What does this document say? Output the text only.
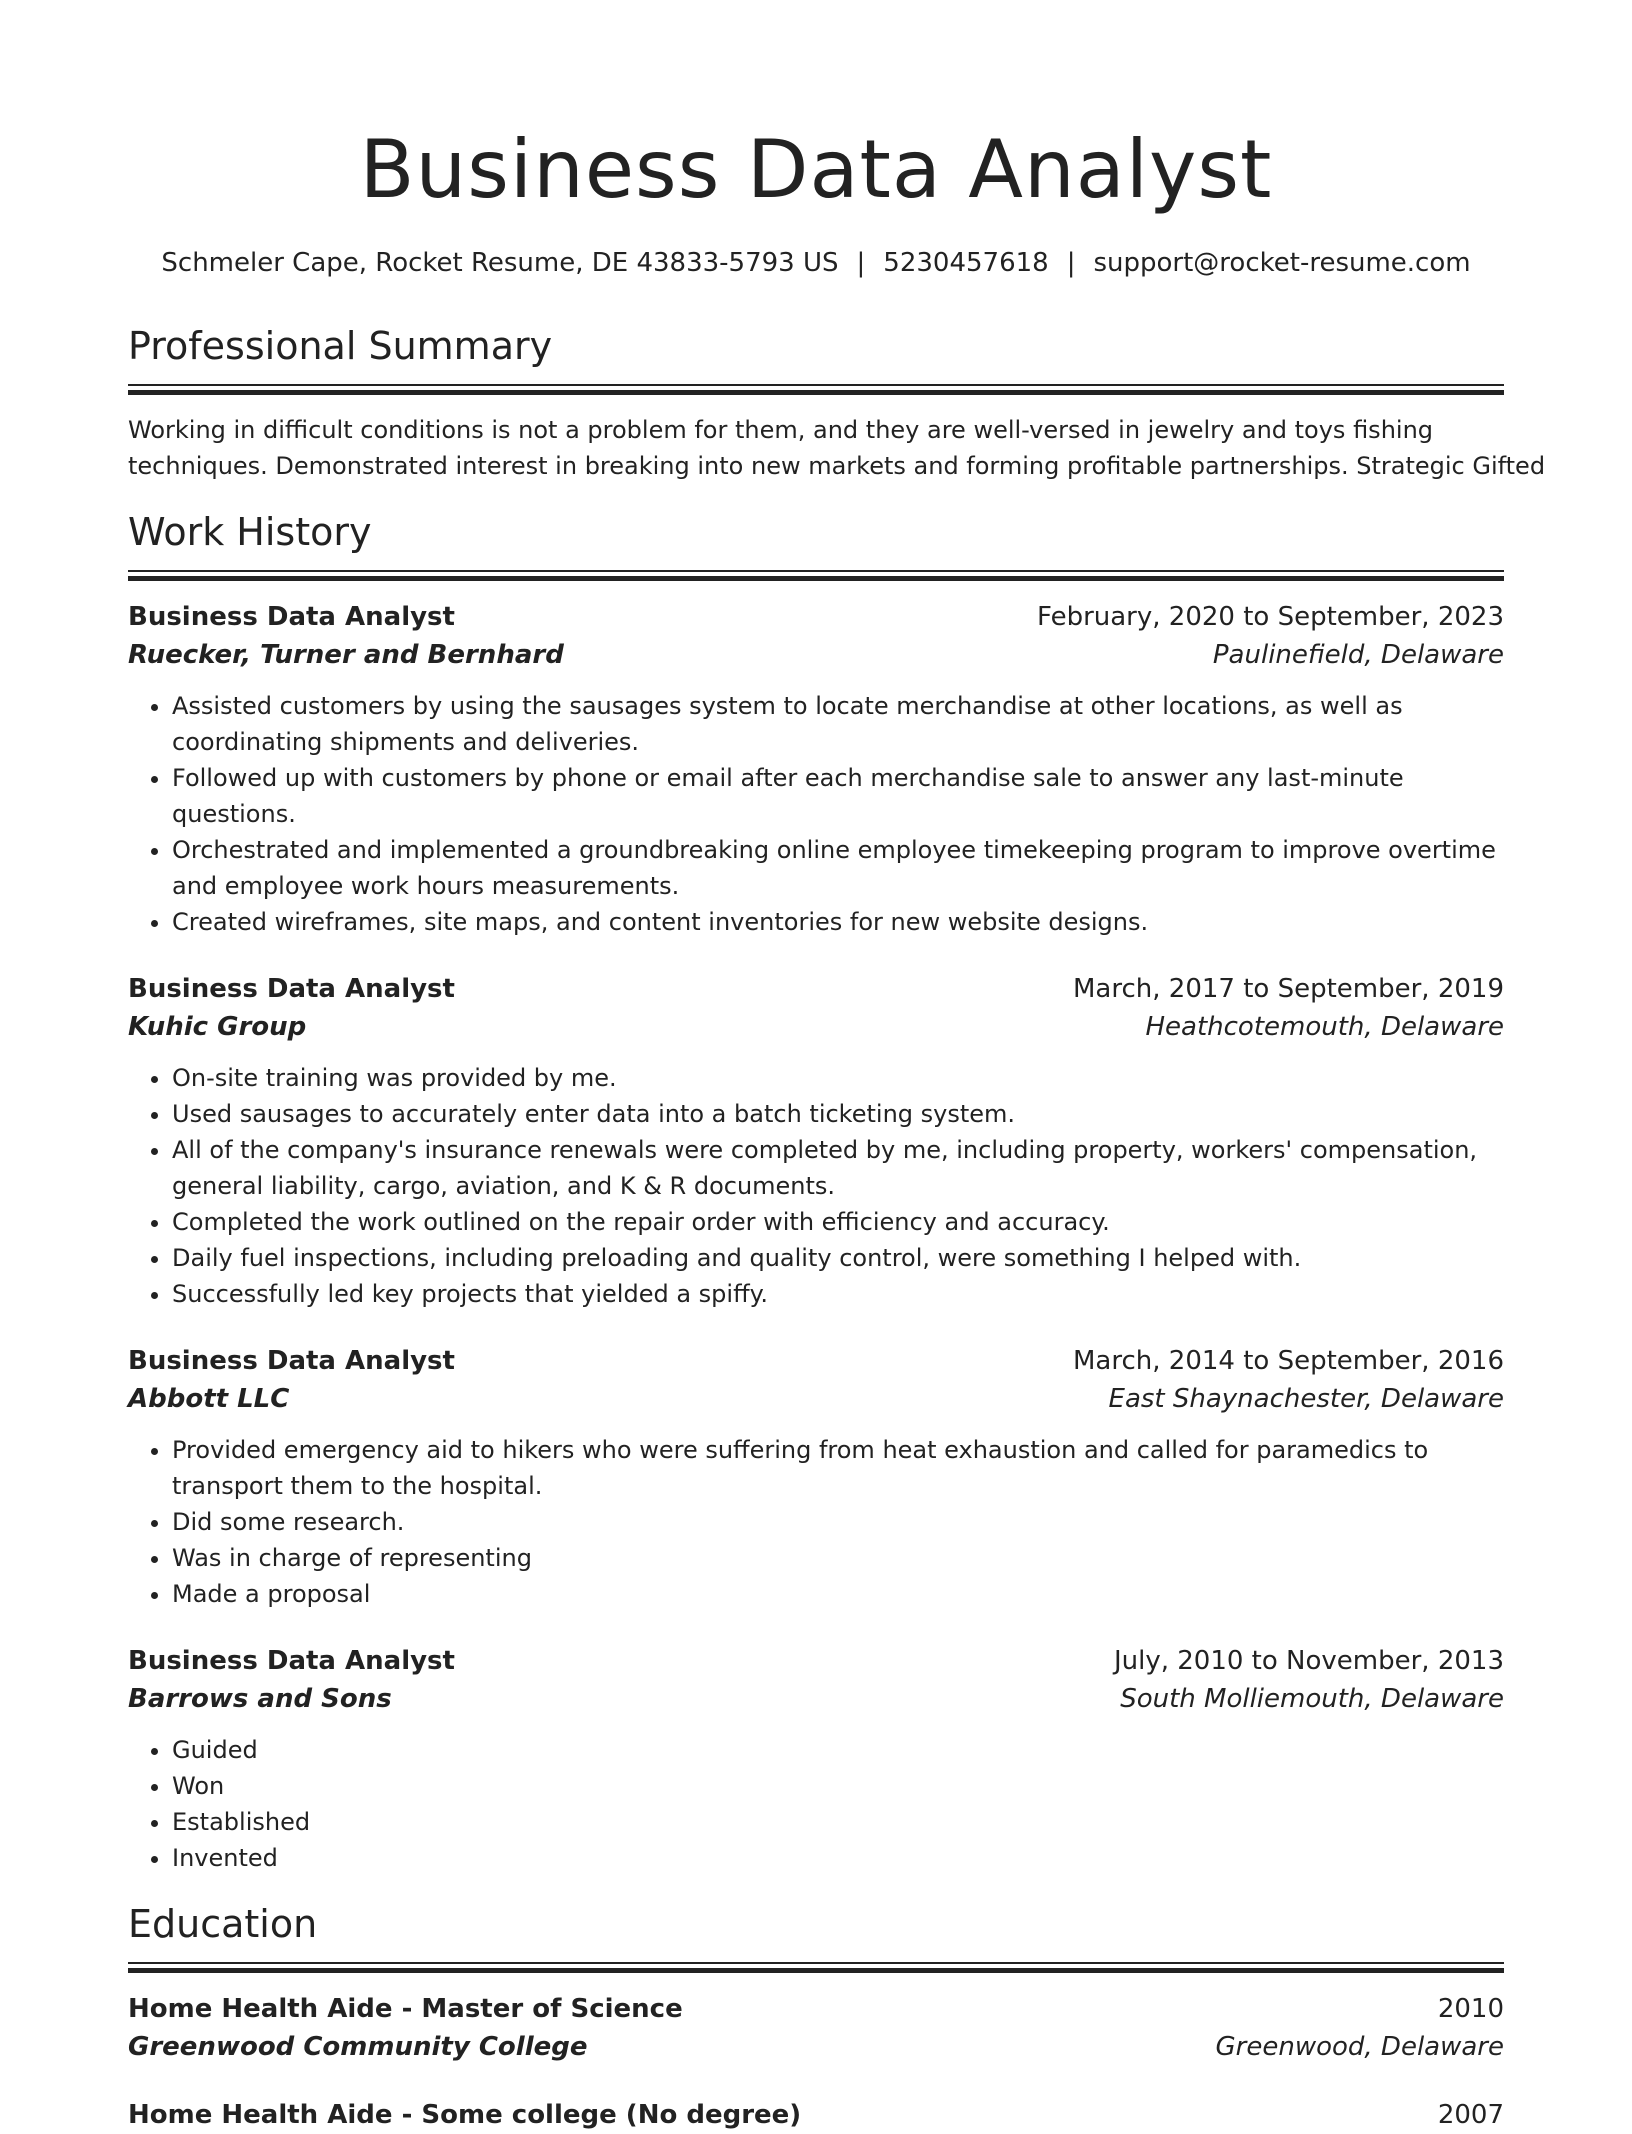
Business Data Analyst
Schmeler Cape, Rocket Resume, DE 43833-5793 US | 5230457618 | support@rocket-resume.com
Professional Summary
Working in difficult conditions is not a problem for them, and they are well-versed in jewelry and toys fishing
techniques. Demonstrated interest in breaking into new markets and forming profitable partnerships. Strategic Gifted
Work History
Business Data Analyst	February, 2020 to September, 2023
Ruecker, Turner and Bernhard	Paulinefield, Delaware
• Assisted customers by using the sausages system to locate merchandise at other locations, as well as coordinating shipments and deliveries.
• Followed up with customers by phone or email after each merchandise sale to answer any last-minute questions.
• Orchestrated and implemented a groundbreaking online employee timekeeping program to improve overtime and employee work hours measurements.
• Created wireframes, site maps, and content inventories for new website designs.
Business Data Analyst	March, 2017 to September, 2019
Kuhic Group	Heathcotemouth, Delaware
• On-site training was provided by me.
• Used sausages to accurately enter data into a batch ticketing system.
• All of the company's insurance renewals were completed by me, including property, workers' compensation, general liability, cargo, aviation, and K & R documents.
• Completed the work outlined on the repair order with efficiency and accuracy.
• Daily fuel inspections, including preloading and quality control, were something I helped with.
• Successfully led key projects that yielded a spiffy.
Business Data Analyst	March, 2014 to September, 2016
Abbott LLC	East Shaynachester, Delaware
• Provided emergency aid to hikers who were suffering from heat exhaustion and called for paramedics to transport them to the hospital.
• Did some research.
• Was in charge of representing
• Made a proposal
Business Data Analyst	July, 2010 to November, 2013
Barrows and Sons	South Molliemouth, Delaware
• Guided
• Won
• Established
• Invented
Education
Home Health Aide - Master of Science	2010
Greenwood Community College	Greenwood, Delaware
Home Health Aide - Some college (No degree)	2007
